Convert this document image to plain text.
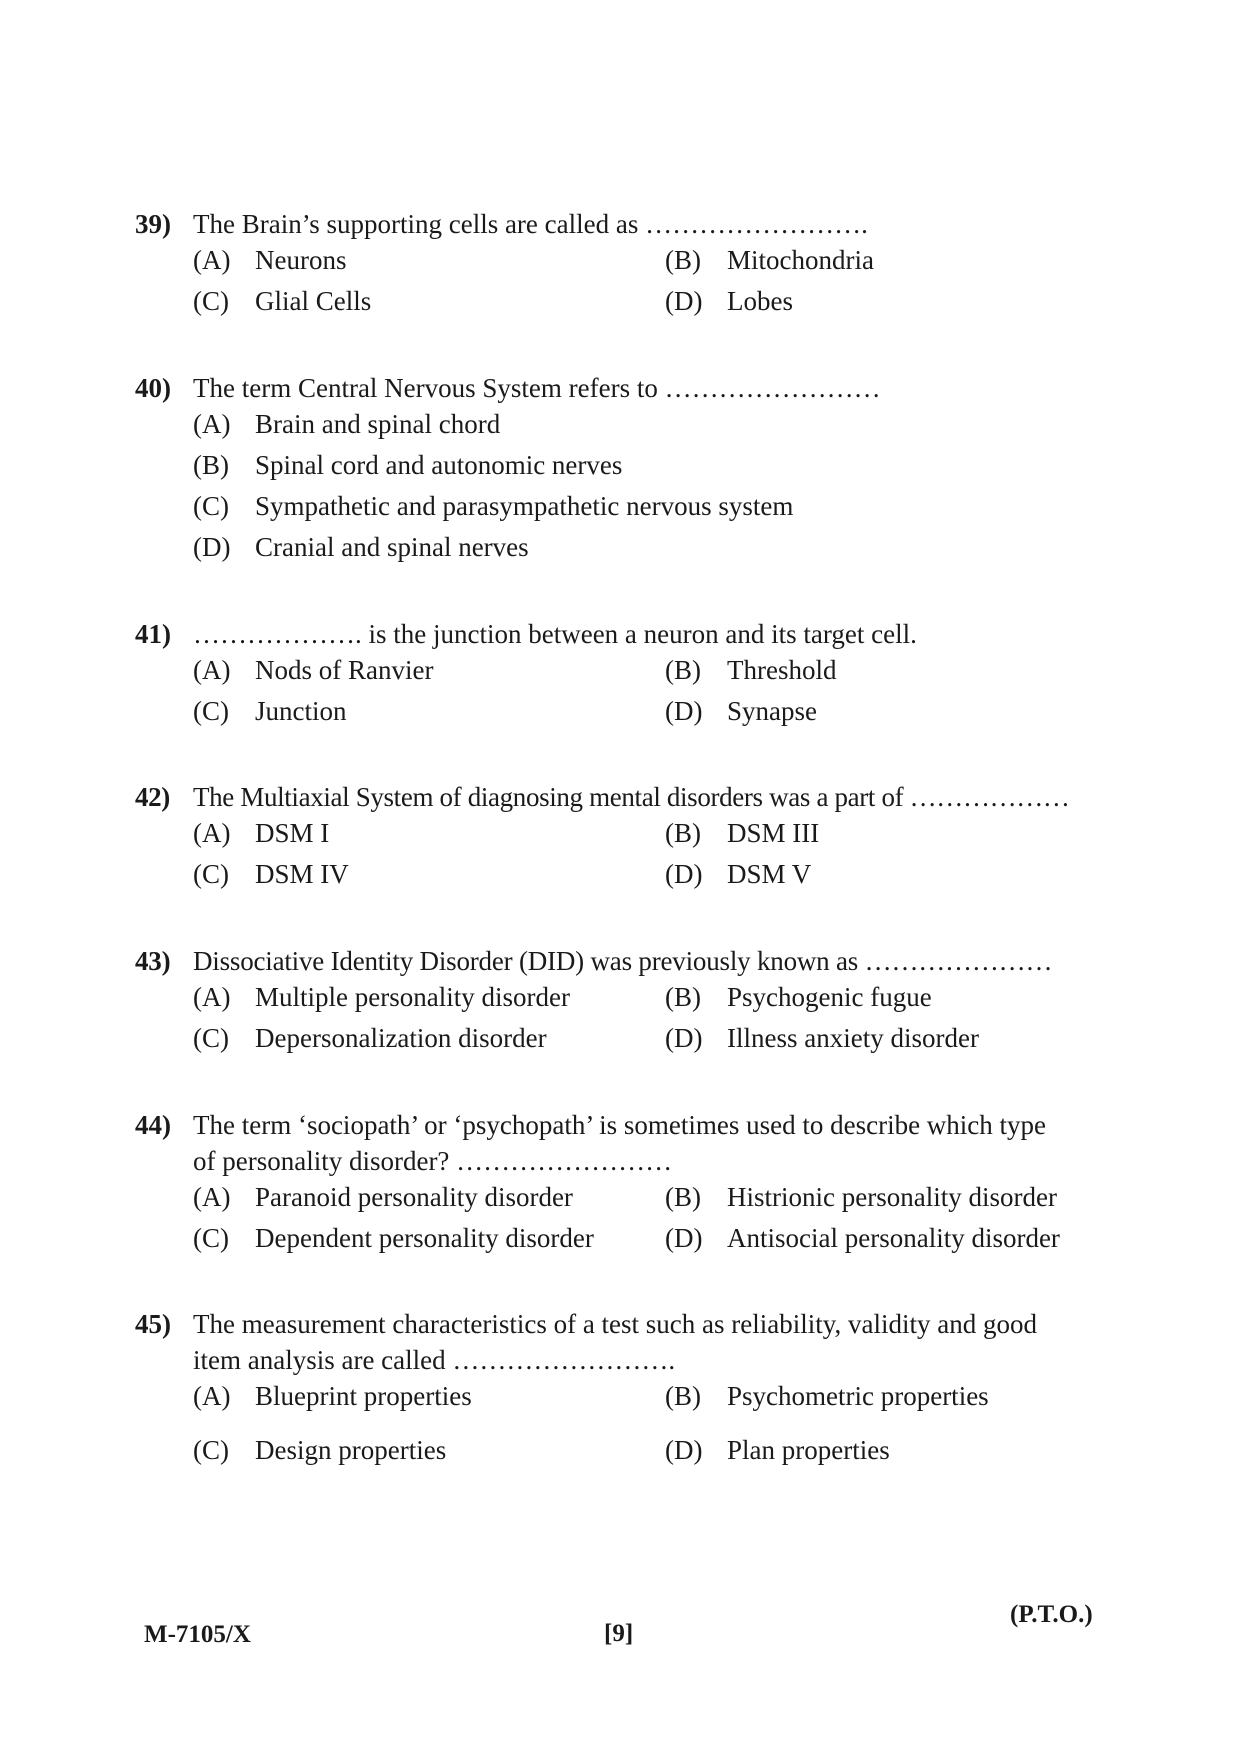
39) The Brain’s supporting cells are called as …………………….
(A) Neurons	(B) Mitochondria
(C) Glial Cells	(D) Lobes
40) The term Central Nervous System refers to ……………………
(A) Brain and spinal chord
(B) Spinal cord and autonomic nerves
(C) Sympathetic and parasympathetic nervous system
(D) Cranial and spinal nerves
41) ………………. is the junction between a neuron and its target cell.
(A) Nods of Ranvier	(B) Threshold
(C) Junction	(D) Synapse
42) The Multiaxial System of diagnosing mental disorders was a part of ………………
(A) DSM I	(B) DSM III
(C) DSM IV	(D) DSM V
43) Dissociative Identity Disorder (DID) was previously known as …………………
(A) Multiple personality disorder	(B) Psychogenic fugue
(C) Depersonalization disorder	(D) Illness anxiety disorder
44) The term ‘sociopath’ or ‘psychopath’ is sometimes used to describe which type
of personality disorder? ……………………
(A) Paranoid personality disorder	(B) Histrionic personality disorder
(C) Dependent personality disorder	(D) Antisocial personality disorder
45) The measurement characteristics of a test such as reliability, validity and good
item analysis are called …………………….
(A) Blueprint properties	(B) Psychometric properties
(C) Design properties	(D) Plan properties
M-7105/X	[9]
(P.T.O.)
